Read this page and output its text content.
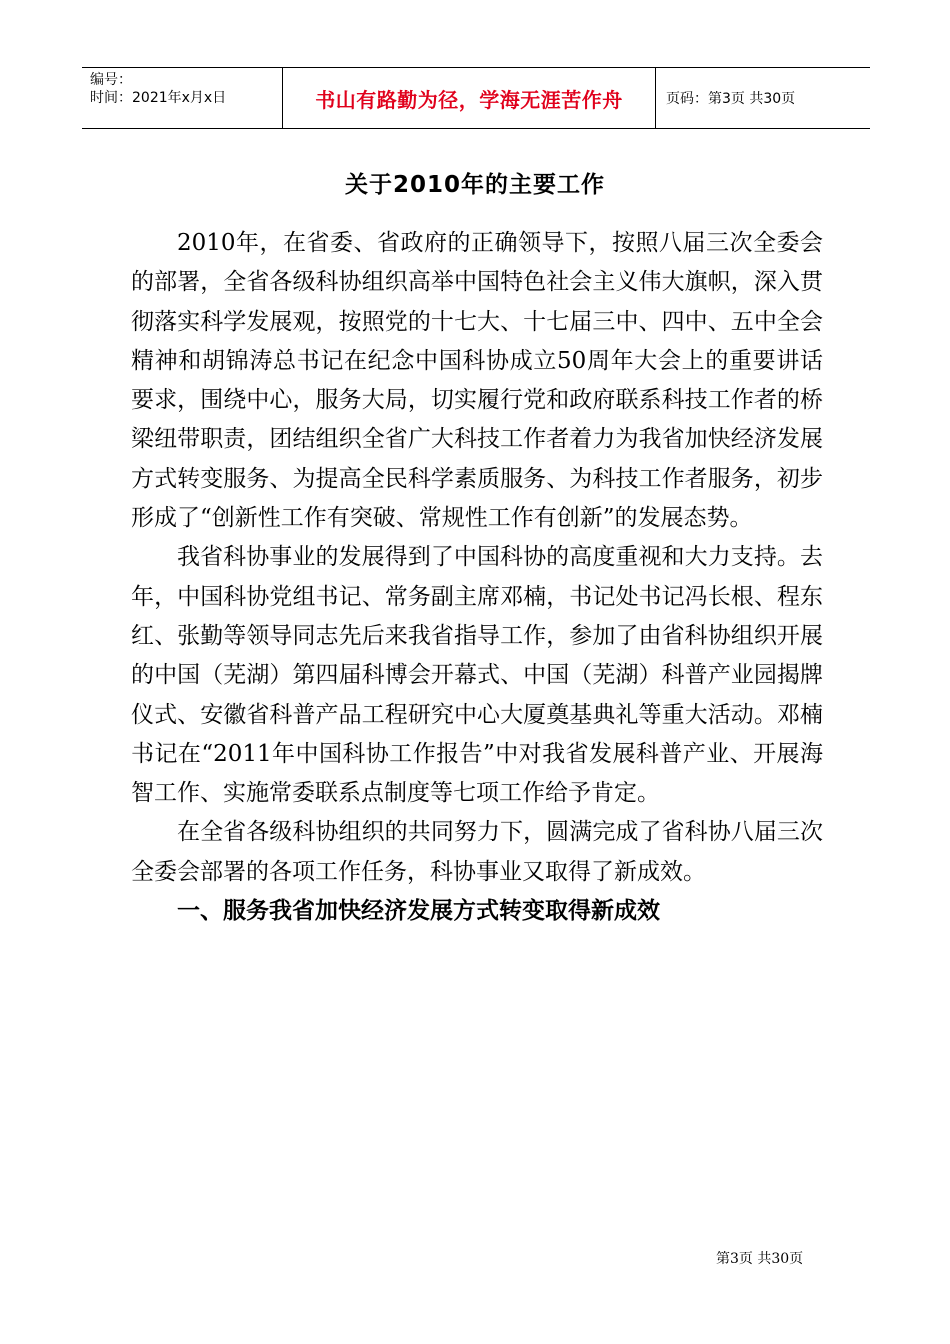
编号：
时间：2021年x月x日	书山有路勤为径，学海无涯苦作舟	页码：第3页 共30页
关于2010年的主要工作

2010年，在省委、省政府的正确领导下，按照八届三次全委会的部署，全省各级科协组织高举中国特色社会主义伟大旗帜，深入贯彻落实科学发展观，按照党的十七大、十七届三中、四中、五中全会精神和胡锦涛总书记在纪念中国科协成立50周年大会上的重要讲话要求，围绕中心，服务大局，切实履行党和政府联系科技工作者的桥梁纽带职责，团结组织全省广大科技工作者着力为我省加快经济发展方式转变服务、为提高全民科学素质服务、为科技工作者服务，初步形成了“创新性工作有突破、常规性工作有创新”的发展态势。

我省科协事业的发展得到了中国科协的高度重视和大力支持。去年，中国科协党组书记、常务副主席邓楠，书记处书记冯长根、程东红、张勤等领导同志先后来我省指导工作，参加了由省科协组织开展的中国（芜湖）第四届科博会开幕式、中国（芜湖）科普产业园揭牌仪式、安徽省科普产品工程研究中心大厦奠基典礼等重大活动。邓楠书记在“2011年中国科协工作报告”中对我省发展科普产业、开展海智工作、实施常委联系点制度等七项工作给予肯定。

在全省各级科协组织的共同努力下，圆满完成了省科协八届三次全委会部署的各项工作任务，科协事业又取得了新成效。

一、服务我省加快经济发展方式转变取得新成效
第3页 共30页
